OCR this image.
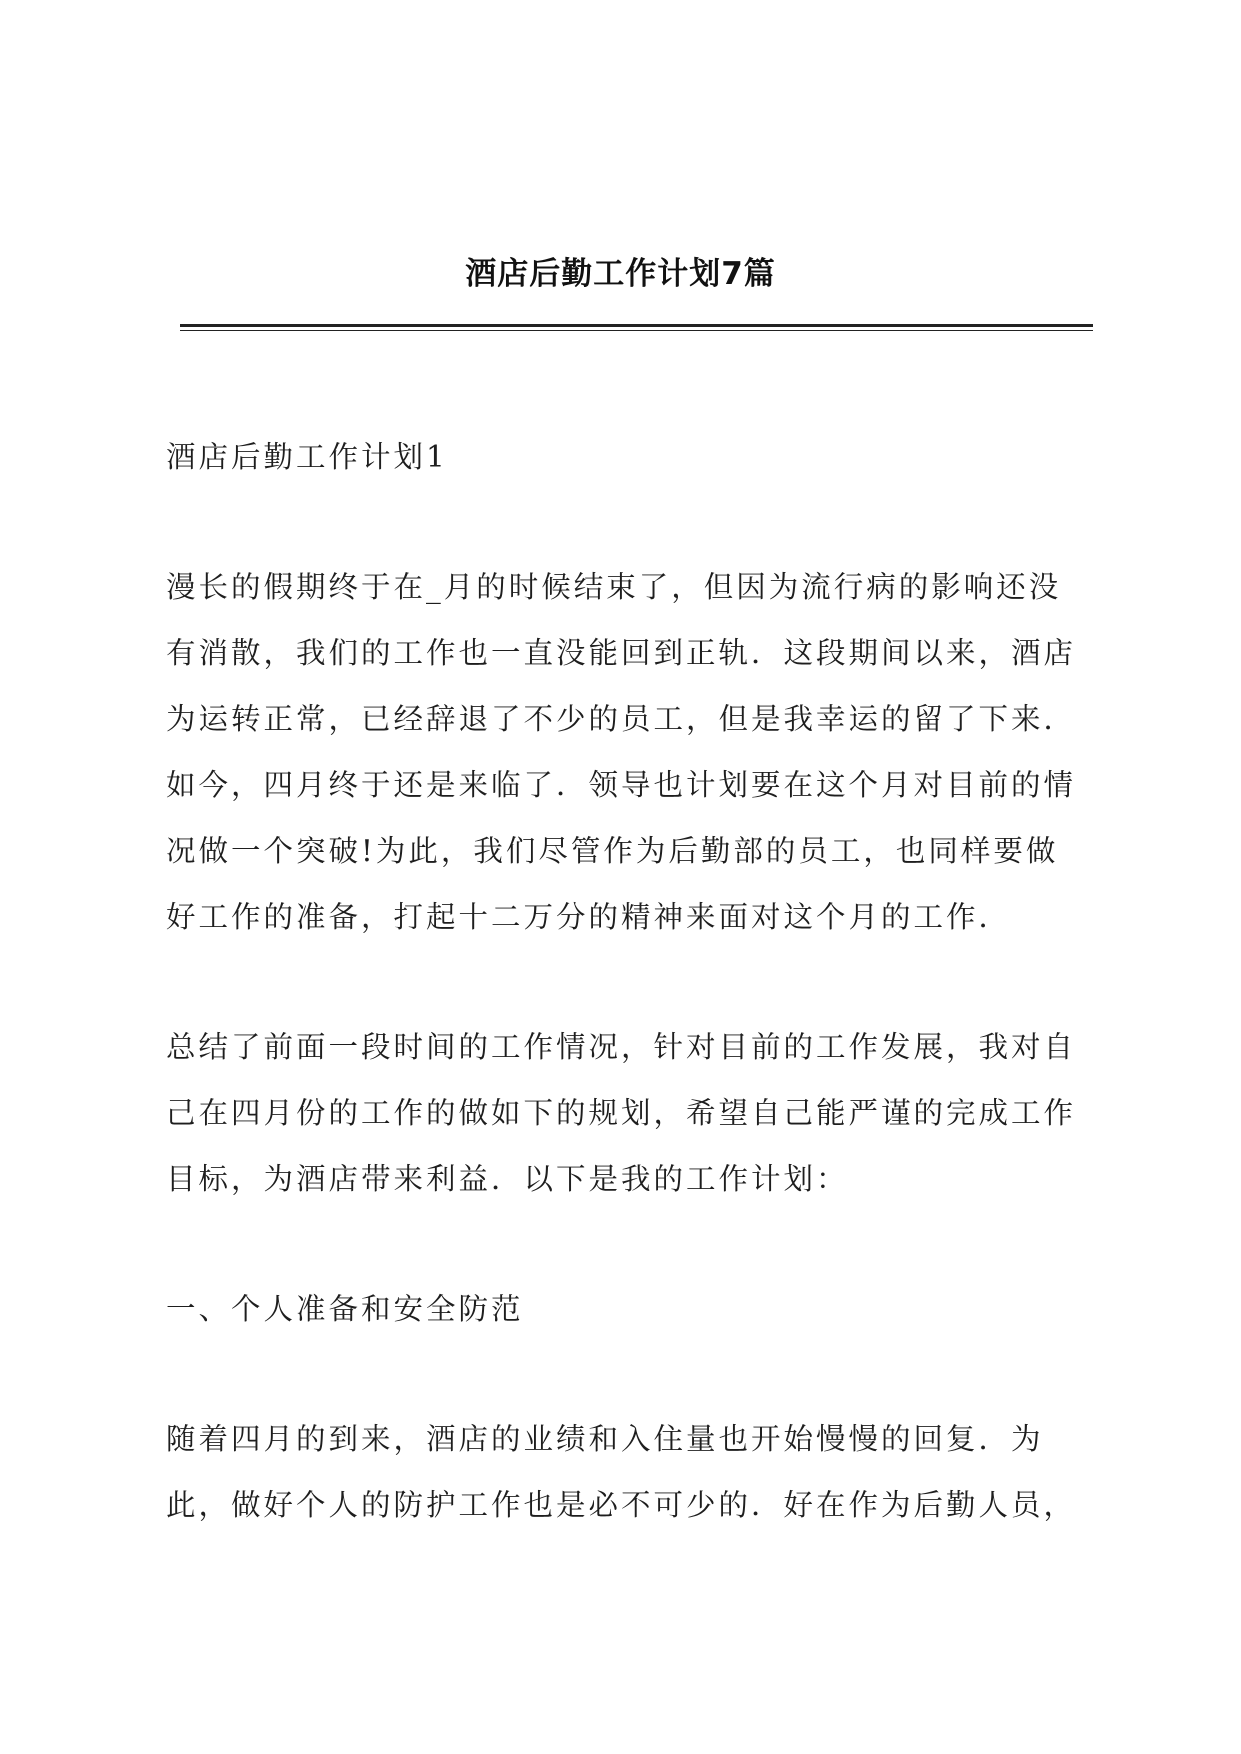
酒店后勤工作计划7篇

酒店后勤工作计划1

漫长的假期终于在_月的时候结束了，但因为流行病的影响还没

有消散，我们的工作也一直没能回到正轨．这段期间以来，酒店

为运转正常，已经辞退了不少的员工，但是我幸运的留了下来．

如今，四月终于还是来临了．领导也计划要在这个月对目前的情

况做一个突破!为此，我们尽管作为后勤部的员工，也同样要做

好工作的准备，打起十二万分的精神来面对这个月的工作．

总结了前面一段时间的工作情况，针对目前的工作发展，我对自

己在四月份的工作的做如下的规划，希望自己能严谨的完成工作

目标，为酒店带来利益．以下是我的工作计划：

一、个人准备和安全防范

随着四月的到来，酒店的业绩和入住量也开始慢慢的回复．为

此，做好个人的防护工作也是必不可少的．好在作为后勤人员，
